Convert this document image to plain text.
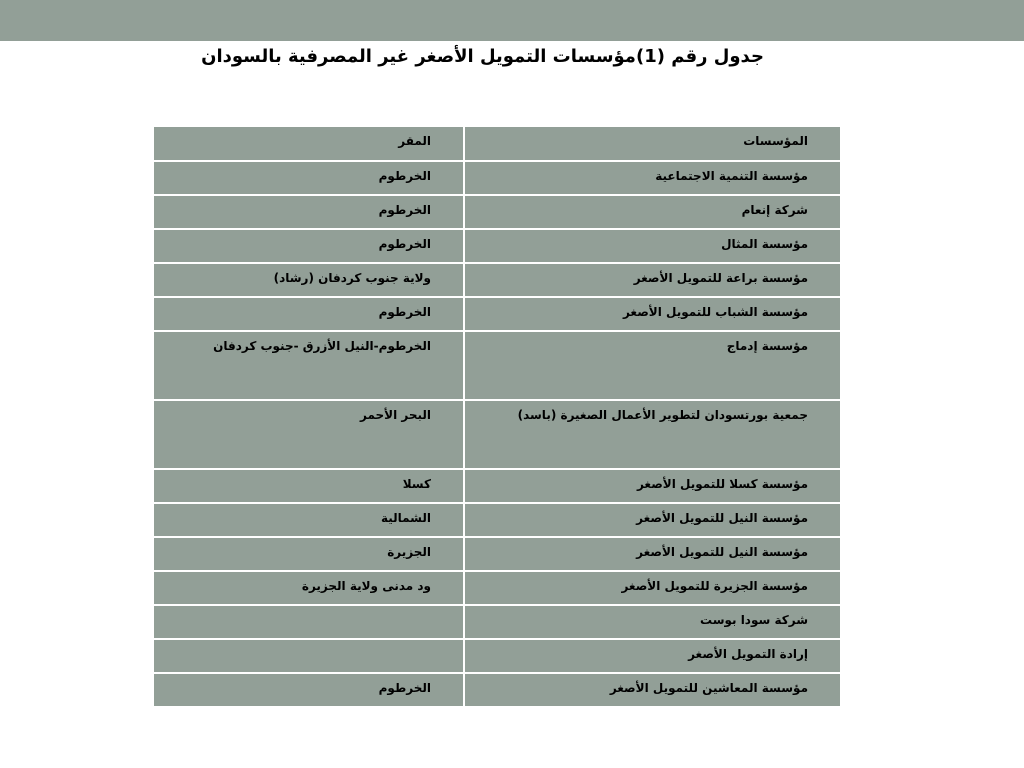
جدول رقم (1)مؤسسات التمويل الأصغر غير المصرفية بالسودان
المؤسسات	المقر
مؤسسة التنمية الاجتماعية	الخرطوم
شركة إنعام	الخرطوم
مؤسسة المثال	الخرطوم
مؤسسة براعة للتمويل الأصغر	ولاية جنوب كردفان (رشاد)
مؤسسة الشباب للتمويل الأصغر	الخرطوم
مؤسسة إدماج	الخرطوم-النيل الأزرق -جنوب كردفان
جمعية بورتسودان لتطوير الأعمال الصغيرة (باسد)	البحر الأحمر
مؤسسة كسلا للتمويل الأصغر	كسلا
مؤسسة النيل للتمويل الأصغر	الشمالية
مؤسسة النيل للتمويل الأصغر	الجزيرة
مؤسسة الجزيرة للتمويل الأصغر	ود مدنى ولاية الجزيرة
شركة سودا بوست	
إرادة التمويل الأصغر	
مؤسسة المعاشين للتمويل الأصغر	الخرطوم
